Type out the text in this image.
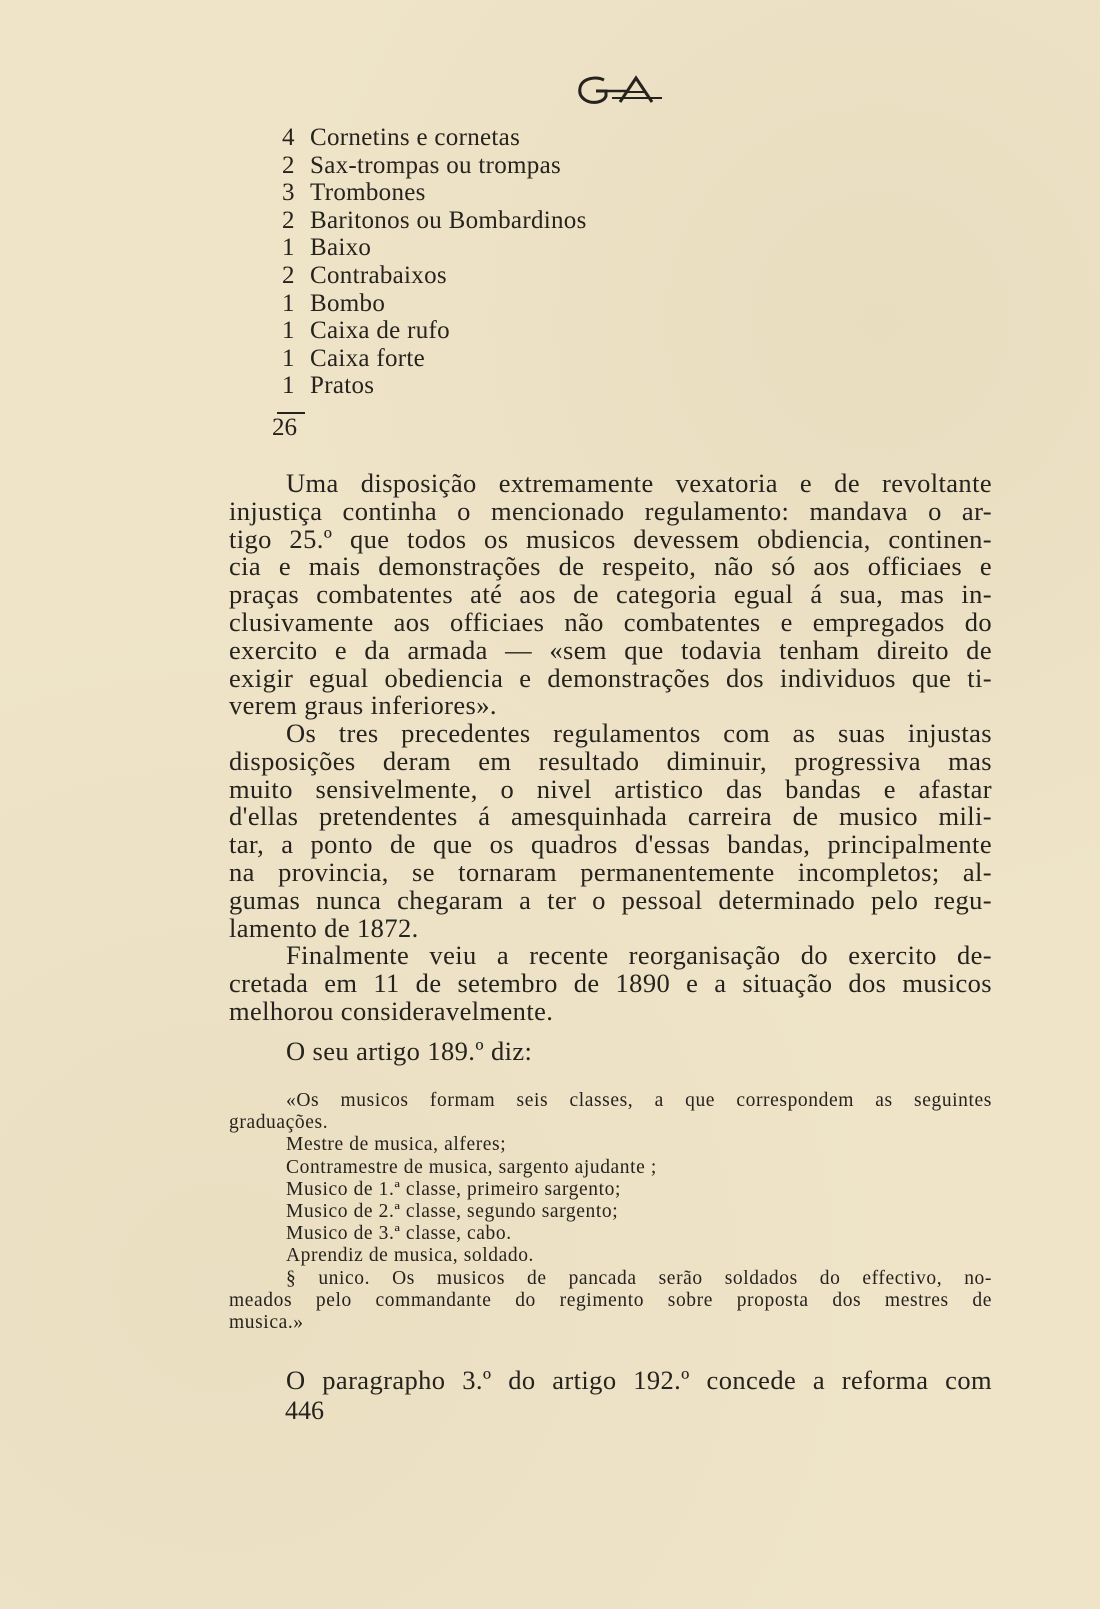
4 Cornetins e cornetas
2 Sax-trompas ou trompas
3 Trombones
2 Baritonos ou Bombardinos
1 Baixo
2 Contrabaixos
1 Bombo
1 Caixa de rufo
1 Caixa forte
1 Pratos
26
Uma disposição extremamente vexatoria e de revoltante
injustiça continha o mencionado regulamento: mandava o ar-
tigo 25.º que todos os musicos devessem obdiencia, continen-
cia e mais demonstrações de respeito, não só aos officiaes e
praças combatentes até aos de categoria egual á sua, mas in-
clusivamente aos officiaes não combatentes e empregados do
exercito e da armada — «sem que todavia tenham direito de
exigir egual obediencia e demonstrações dos individuos que ti-
verem graus inferiores».
Os tres precedentes regulamentos com as suas injustas
disposições deram em resultado diminuir, progressiva mas
muito sensivelmente, o nivel artistico das bandas e afastar
d'ellas pretendentes á amesquinhada carreira de musico mili-
tar, a ponto de que os quadros d'essas bandas, principalmente
na provincia, se tornaram permanentemente incompletos; al-
gumas nunca chegaram a ter o pessoal determinado pelo regu-
lamento de 1872.
Finalmente veiu a recente reorganisação do exercito de-
cretada em 11 de setembro de 1890 e a situação dos musicos
melhorou consideravelmente.
O seu artigo 189.º diz:
«Os musicos formam seis classes, a que correspondem as seguintes
graduações.
Mestre de musica, alferes;
Contramestre de musica, sargento ajudante ;
Musico de 1.ª classe, primeiro sargento;
Musico de 2.ª classe, segundo sargento;
Musico de 3.ª classe, cabo.
Aprendiz de musica, soldado.
§ unico. Os musicos de pancada serão soldados do effectivo, no-
meados pelo commandante do regimento sobre proposta dos mestres de
musica.»
O paragrapho 3.º do artigo 192.º concede a reforma com
446
